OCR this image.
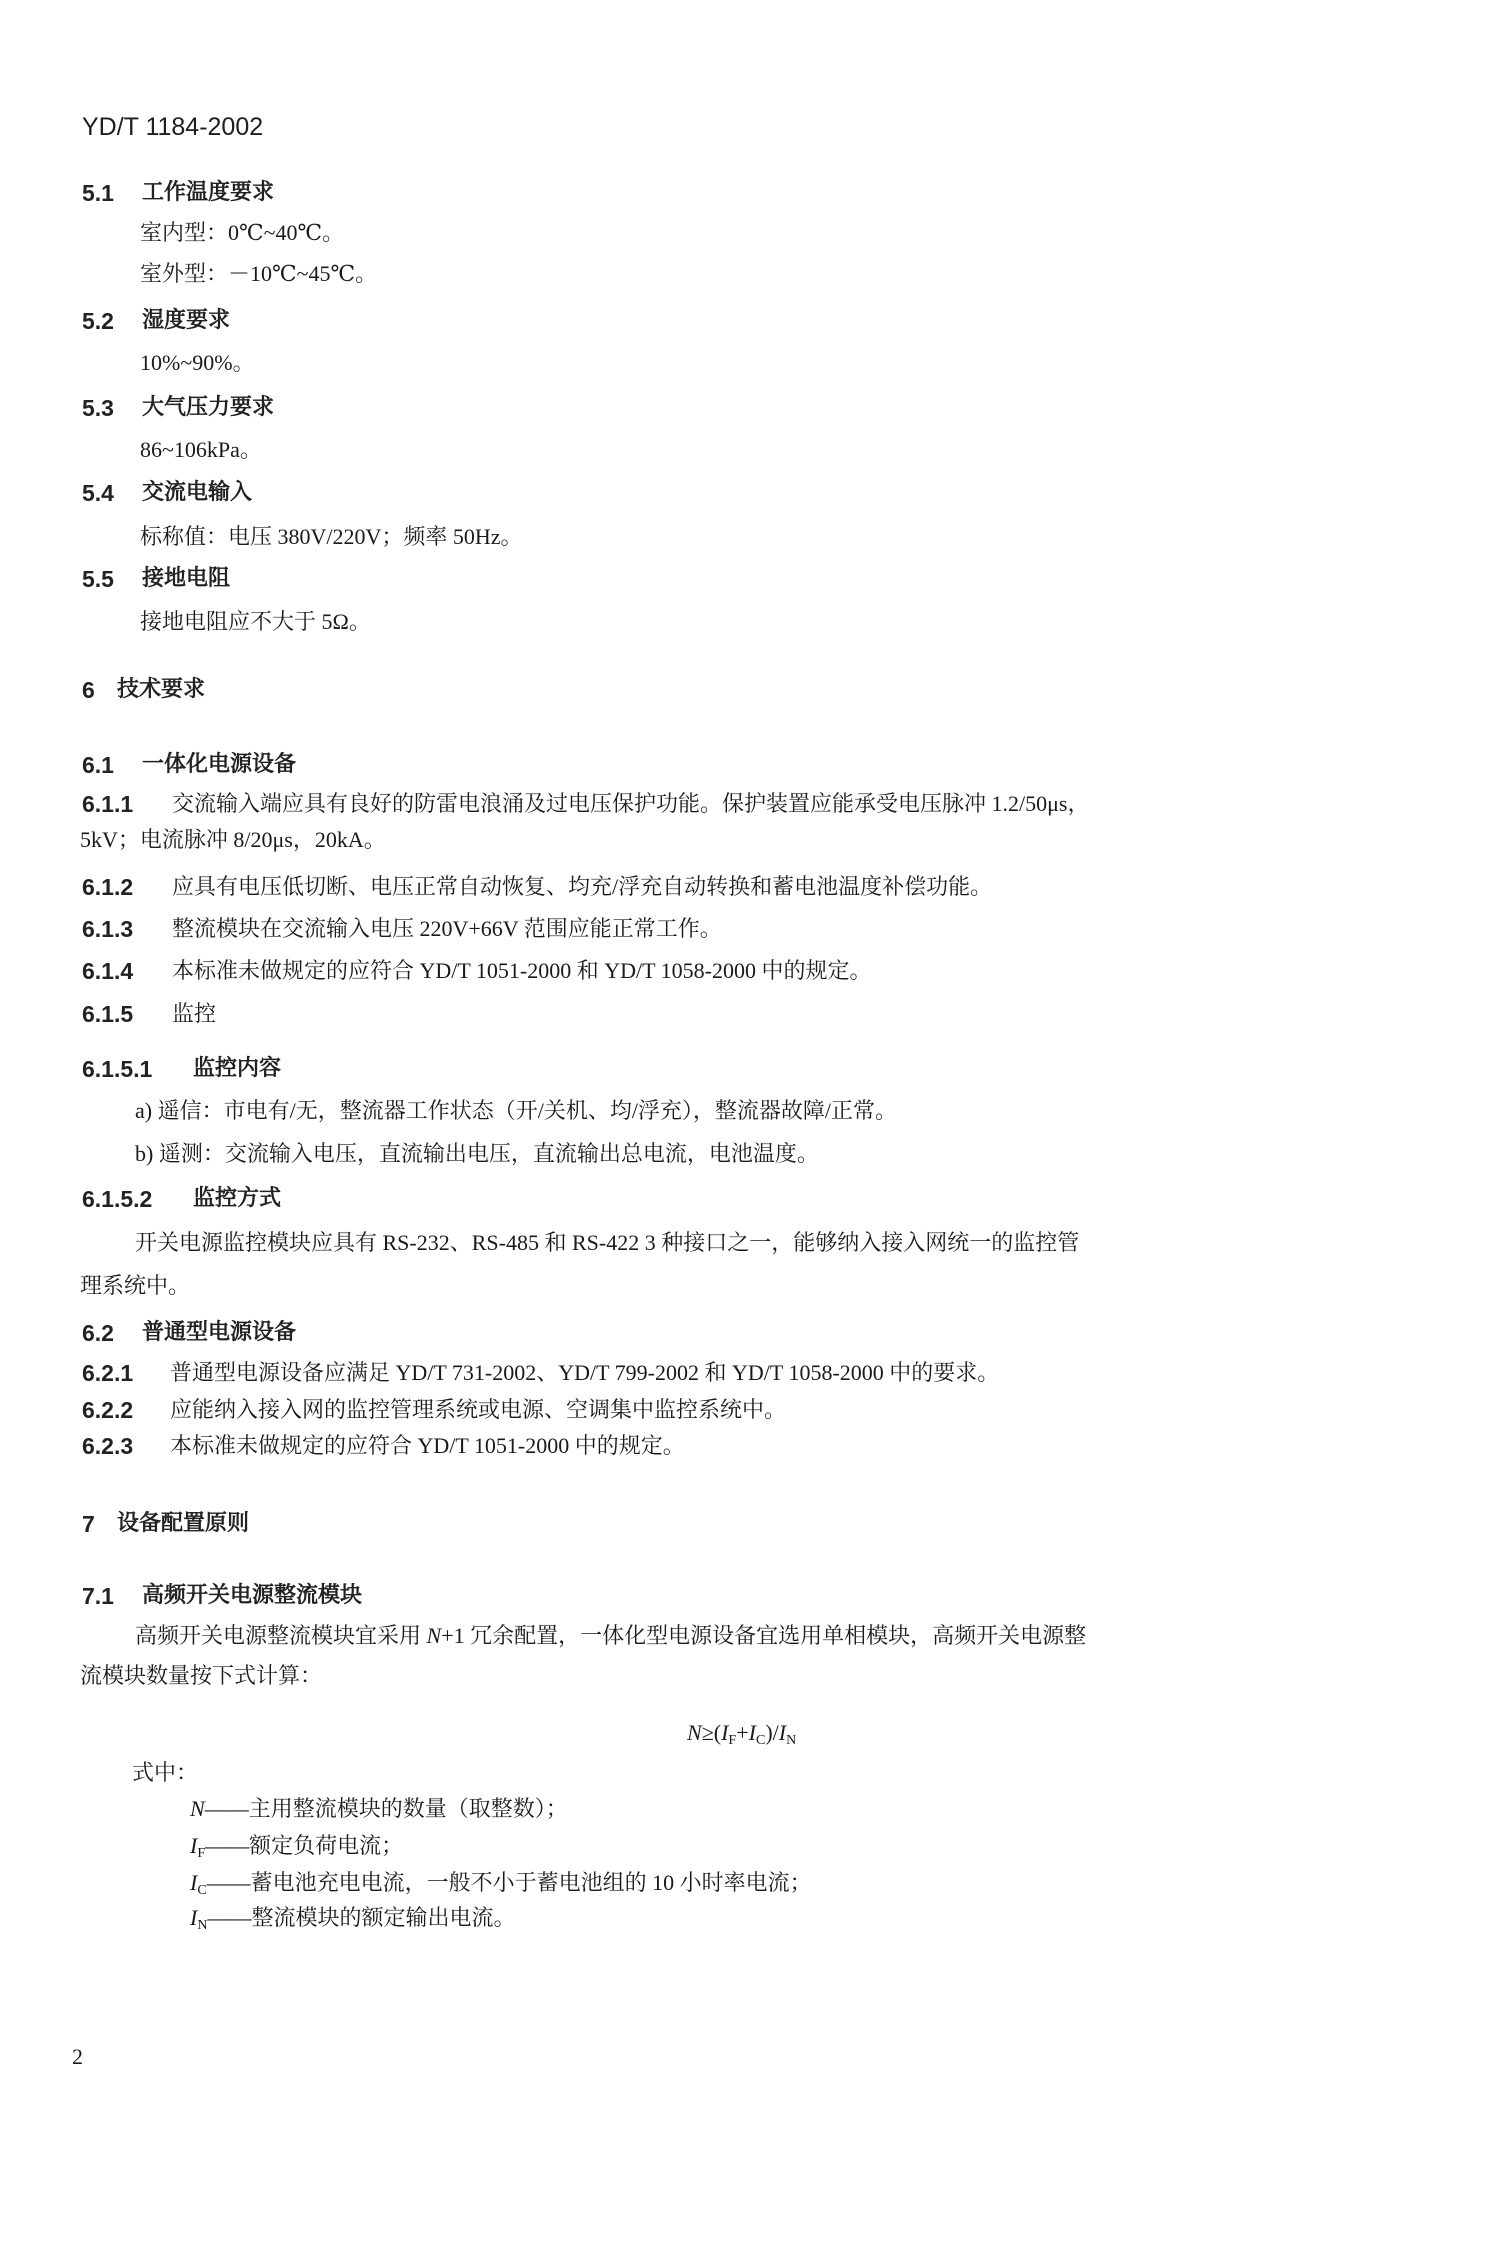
YD/T 1184-2002
5.1 工作温度要求
室内型：0℃~40℃。
室外型：－10℃~45℃。
5.2 湿度要求
10%~90%。
5.3 大气压力要求
86~106kPa。
5.4 交流电输入
标称值：电压 380V/220V；频率 50Hz。
5.5 接地电阻
接地电阻应不大于 5Ω。
6 技术要求
6.1 一体化电源设备
6.1.1 交流输入端应具有良好的防雷电浪涌及过电压保护功能。保护装置应能承受电压脉冲 1.2/50μs，
5kV；电流脉冲 8/20μs，20kA。
6.1.2 应具有电压低切断、电压正常自动恢复、均充/浮充自动转换和蓄电池温度补偿功能。
6.1.3 整流模块在交流输入电压 220V+66V 范围应能正常工作。
6.1.4 本标准未做规定的应符合 YD/T 1051-2000 和 YD/T 1058-2000 中的规定。
6.1.5 监控
6.1.5.1 监控内容
a) 遥信：市电有/无，整流器工作状态（开/关机、均/浮充），整流器故障/正常。
b) 遥测：交流输入电压，直流输出电压，直流输出总电流，电池温度。
6.1.5.2 监控方式
开关电源监控模块应具有 RS-232、RS-485 和 RS-422 3 种接口之一，能够纳入接入网统一的监控管
理系统中。
6.2 普通型电源设备
6.2.1 普通型电源设备应满足 YD/T 731-2002、YD/T 799-2002 和 YD/T 1058-2000 中的要求。
6.2.2 应能纳入接入网的监控管理系统或电源、空调集中监控系统中。
6.2.3 本标准未做规定的应符合 YD/T 1051-2000 中的规定。
7 设备配置原则
7.1 高频开关电源整流模块
高频开关电源整流模块宜采用 N+1 冗余配置，一体化型电源设备宜选用单相模块，高频开关电源整
流模块数量按下式计算：
$N\ge(I_F+I_C)/I_N$
式中：
N——主用整流模块的数量（取整数）；
$I_F——$额定负荷电流；
$I_C——$蓄电池充电电流，一般不小于蓄电池组的 10 小时率电流；
$I_N——$整流模块的额定输出电流。
2
